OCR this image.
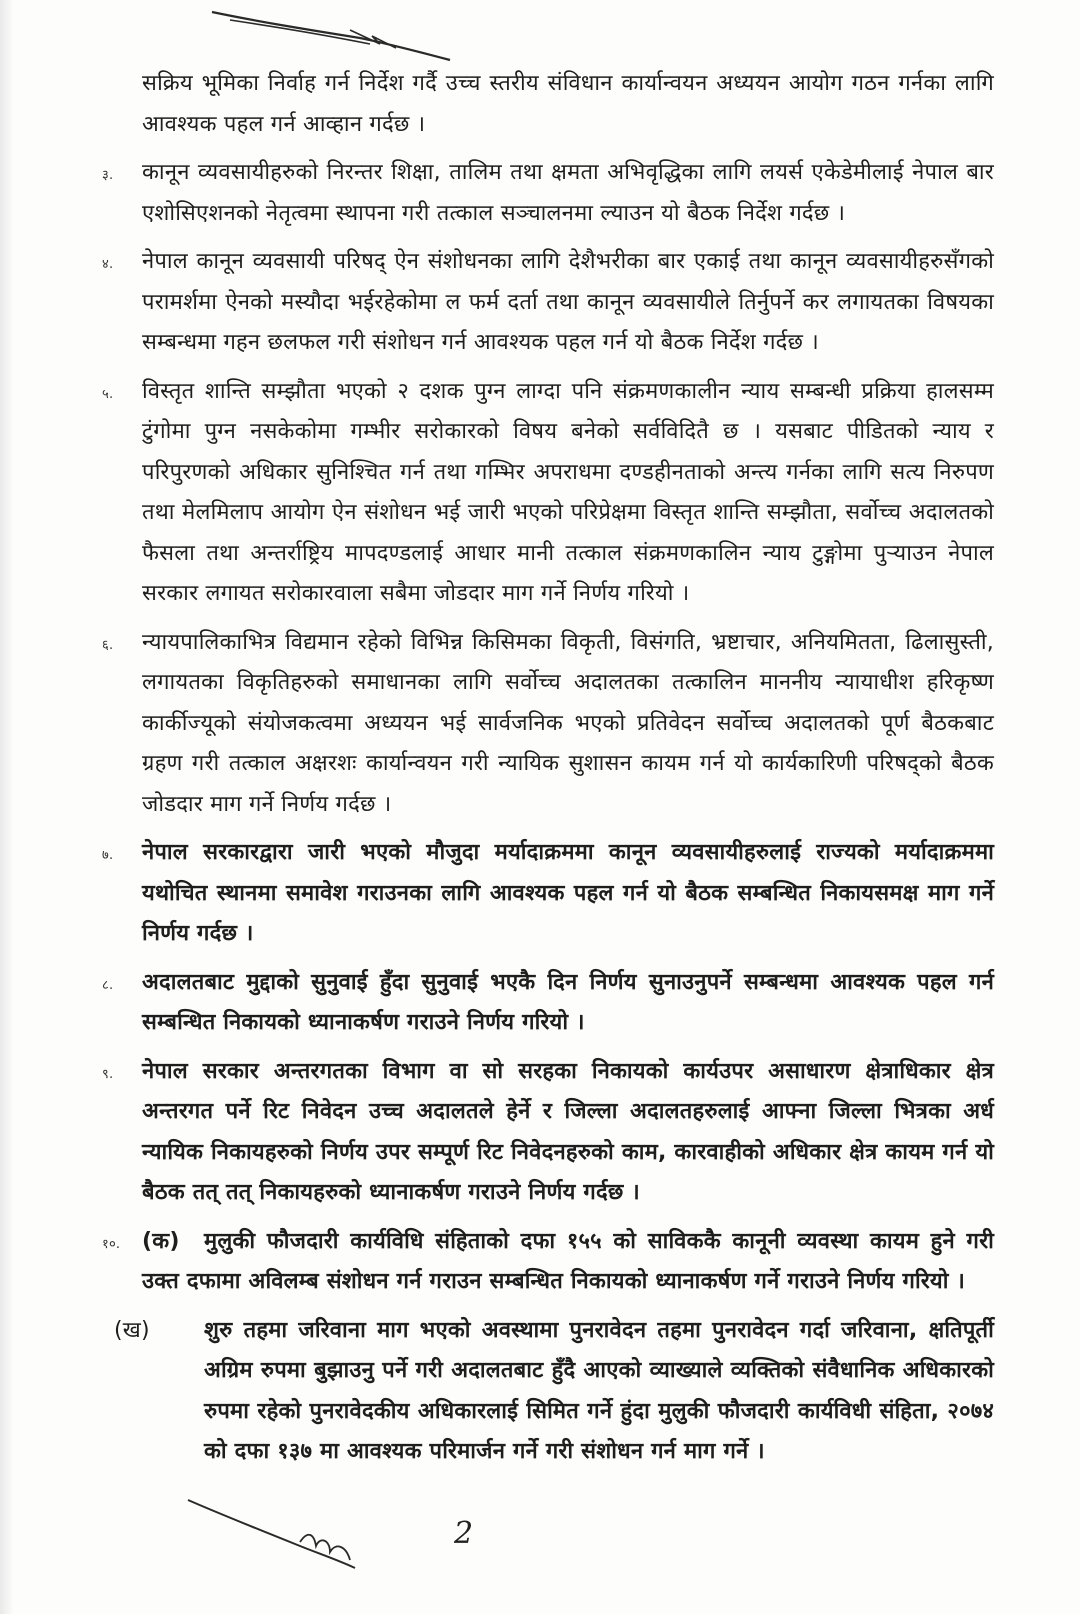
सक्रिय भूमिका निर्वाह गर्न निर्देश गर्दै उच्च स्तरीय संविधान कार्यान्वयन अध्ययन आयोग गठन गर्नका लागि आवश्यक पहल गर्न आव्हान गर्दछ ।
३.	कानून व्यवसायीहरुको निरन्तर शिक्षा, तालिम तथा क्षमता अभिवृद्धिका लागि लयर्स एकेडेमीलाई नेपाल बार एशोसिएशनको नेतृत्वमा स्थापना गरी तत्काल सञ्चालनमा ल्याउन यो बैठक निर्देश गर्दछ ।
४.	नेपाल कानून व्यवसायी परिषद् ऐन संशोधनका लागि देशैभरीका बार एकाई तथा कानून व्यवसायीहरुसँगको परामर्शमा ऐनको मस्यौदा भईरहेकोमा ल फर्म दर्ता तथा कानून व्यवसायीले तिर्नुपर्ने कर लगायतका विषयका सम्बन्धमा गहन छलफल गरी संशोधन गर्न आवश्यक पहल गर्न यो बैठक निर्देश गर्दछ ।
५.	विस्तृत शान्ति सम्झौता भएको २ दशक पुग्न लाग्दा पनि संक्रमणकालीन न्याय सम्बन्धी प्रक्रिया हालसम्म टुंगोमा पुग्न नसकेकोमा गम्भीर सरोकारको विषय बनेको सर्वविदितै छ । यसबाट पीडितको न्याय र परिपुरणको अधिकार सुनिश्चित गर्न तथा गम्भिर अपराधमा दण्डहीनताको अन्त्य गर्नका लागि सत्य निरुपण तथा मेलमिलाप आयोग ऐन संशोधन भई जारी भएको परिप्रेक्षमा विस्तृत शान्ति सम्झौता, सर्वोच्च अदालतको फैसला तथा अन्तर्राष्ट्रिय मापदण्डलाई आधार मानी तत्काल संक्रमणकालिन न्याय टुङ्गोमा पुऱ्याउन नेपाल सरकार लगायत सरोकारवाला सबैमा जोडदार माग गर्ने निर्णय गरियो ।
६.	न्यायपालिकाभित्र विद्यमान रहेको विभिन्न किसिमका विकृती, विसंगति, भ्रष्टाचार, अनियमितता, ढिलासुस्ती, लगायतका विकृतिहरुको समाधानका लागि सर्वोच्च अदालतका तत्कालिन माननीय न्यायाधीश हरिकृष्ण कार्कीज्यूको संयोजकत्वमा अध्ययन भई सार्वजनिक भएको प्रतिवेदन सर्वोच्च अदालतको पूर्ण बैठकबाट ग्रहण गरी तत्काल अक्षरशः कार्यान्वयन गरी न्यायिक सुशासन कायम गर्न यो कार्यकारिणी परिषद्को बैठक जोडदार माग गर्ने निर्णय गर्दछ ।
७.	नेपाल सरकारद्वारा जारी भएको मौजुदा मर्यादाक्रममा कानून व्यवसायीहरुलाई राज्यको मर्यादाक्रममा यथोचित स्थानमा समावेश गराउनका लागि आवश्यक पहल गर्न यो बैठक सम्बन्धित निकायसमक्ष माग गर्ने निर्णय गर्दछ ।
८.	अदालतबाट मुद्दाको सुनुवाई हुँदा सुनुवाई भएकै दिन निर्णय सुनाउनुपर्ने सम्बन्धमा आवश्यक पहल गर्न सम्बन्धित निकायको ध्यानाकर्षण गराउने निर्णय गरियो ।
९.	नेपाल सरकार अन्तरगतका विभाग वा सो सरहका निकायको कार्यउपर असाधारण क्षेत्राधिकार क्षेत्र अन्तरगत पर्ने रिट निवेदन उच्च अदालतले हेर्ने र जिल्ला अदालतहरुलाई आफ्ना जिल्ला भित्रका अर्ध न्यायिक निकायहरुको निर्णय उपर सम्पूर्ण रिट निवेदनहरुको काम, कारवाहीको अधिकार क्षेत्र कायम गर्न यो बैठक तत् तत् निकायहरुको ध्यानाकर्षण गराउने निर्णय गर्दछ ।
१०. (क) मुलुकी फौजदारी कार्यविधि संहिताको दफा १५५ को साविककै कानूनी व्यवस्था कायम हुने गरी उक्त दफामा अविलम्ब संशोधन गर्न गराउन सम्बन्धित निकायको ध्यानाकर्षण गर्ने गराउने निर्णय गरियो ।
(ख)	शुरु तहमा जरिवाना माग भएको अवस्थामा पुनरावेदन तहमा पुनरावेदन गर्दा जरिवाना, क्षतिपूर्ती अग्रिम रुपमा बुझाउनु पर्ने गरी अदालतबाट हुँदै आएको व्याख्याले व्यक्तिको संवैधानिक अधिकारको रुपमा रहेको पुनरावेदकीय अधिकारलाई सिमित गर्ने हुंदा मुलुकी फौजदारी कार्यविधी संहिता, २०७४ को दफा १३७ मा आवश्यक परिमार्जन गर्ने गरी संशोधन गर्न माग गर्ने ।
2
